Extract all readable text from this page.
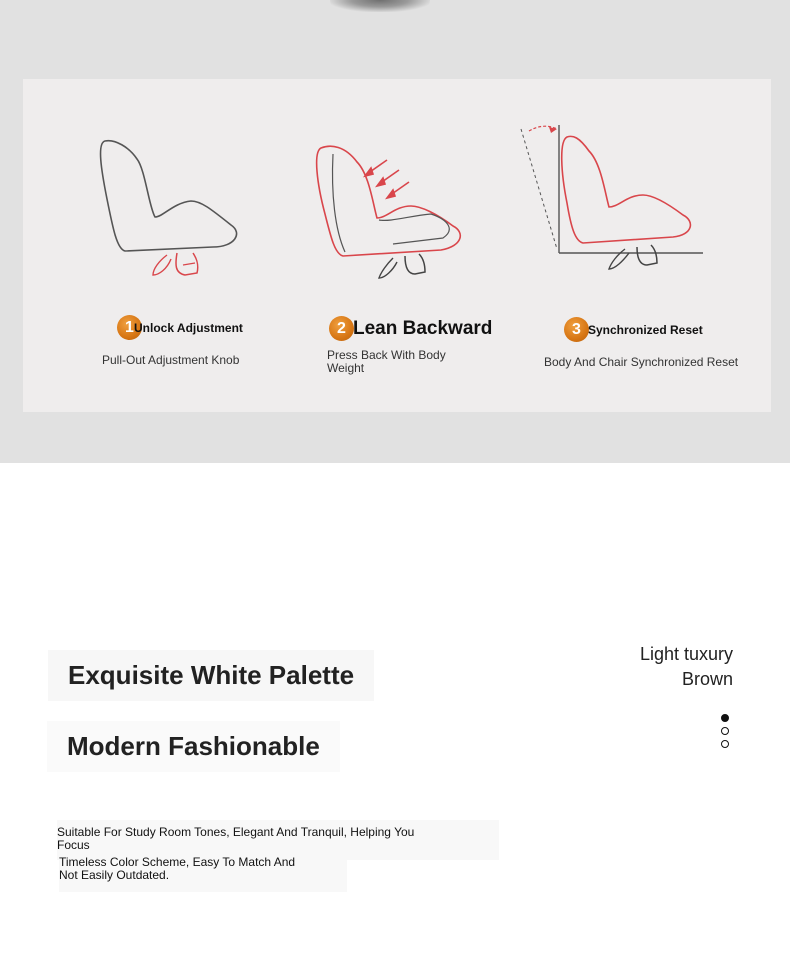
1 Unlock Adjustment
Pull-Out Adjustment Knob
2 Lean Backward
Press Back With Body Weight
3 Synchronized Reset
Body And Chair Synchronized Reset
Exquisite White Palette
Modern Fashionable
Suitable For Study Room Tones, Elegant And Tranquil, Helping You Focus
Timeless Color Scheme, Easy To Match And Not Easily Outdated.
Light tuxury
Brown
